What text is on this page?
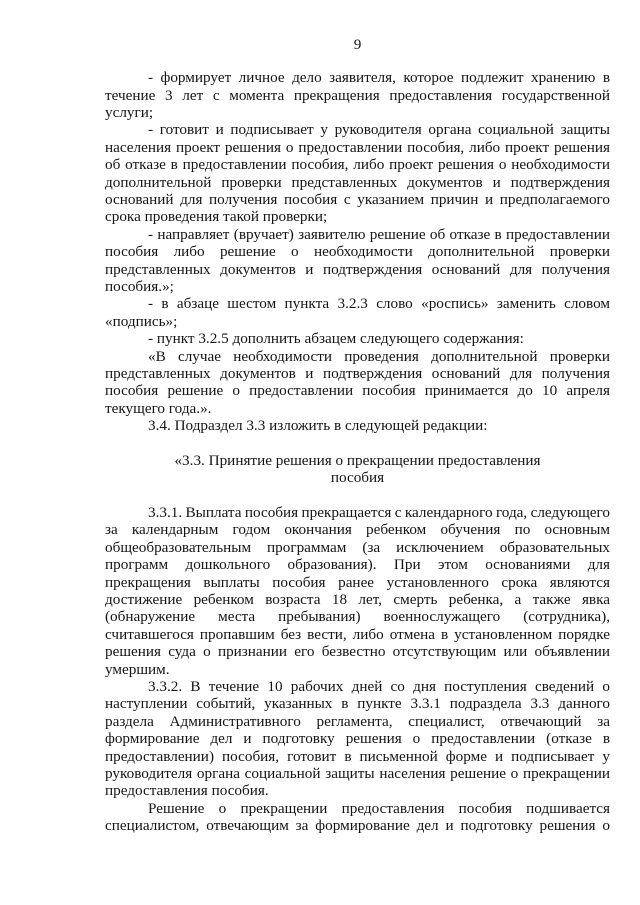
9
- формирует личное дело заявителя, которое подлежит хранению в
течение 3 лет с момента прекращения предоставления государственной
услуги;
- готовит и подписывает у руководителя органа социальной защиты
населения проект решения о предоставлении пособия, либо проект решения
об отказе в предоставлении пособия, либо проект решения о необходимости
дополнительной проверки представленных документов и подтверждения
оснований для получения пособия с указанием причин и предполагаемого
срока проведения такой проверки;
- направляет (вручает) заявителю решение об отказе в предоставлении
пособия либо решение о необходимости дополнительной проверки
представленных документов и подтверждения оснований для получения
пособия.»;
- в абзаце шестом пункта 3.2.3 слово «роспись» заменить словом
«подпись»;
- пункт 3.2.5 дополнить абзацем следующего содержания:
«В случае необходимости проведения дополнительной проверки
представленных документов и подтверждения оснований для получения
пособия решение о предоставлении пособия принимается до 10 апреля
текущего года.».
3.4. Подраздел 3.3 изложить в следующей редакции:
«3.3. Принятие решения о прекращении предоставления
пособия
3.3.1. Выплата пособия прекращается с календарного года, следующего
за календарным годом окончания ребенком обучения по основным
общеобразовательным программам (за исключением образовательных
программ дошкольного образования). При этом основаниями для
прекращения выплаты пособия ранее установленного срока являются
достижение ребенком возраста 18 лет, смерть ребенка, а также явка
(обнаружение места пребывания) военнослужащего (сотрудника),
считавшегося пропавшим без вести, либо отмена в установленном порядке
решения суда о признании его безвестно отсутствующим или объявлении
умершим.
3.3.2. В течение 10 рабочих дней со дня поступления сведений о
наступлении событий, указанных в пункте 3.3.1 подраздела 3.3 данного
раздела Административного регламента, специалист, отвечающий за
формирование дел и подготовку решения о предоставлении (отказе в
предоставлении) пособия, готовит в письменной форме и подписывает у
руководителя органа социальной защиты населения решение о прекращении
предоставления пособия.
Решение о прекращении предоставления пособия подшивается
специалистом, отвечающим за формирование дел и подготовку решения о
